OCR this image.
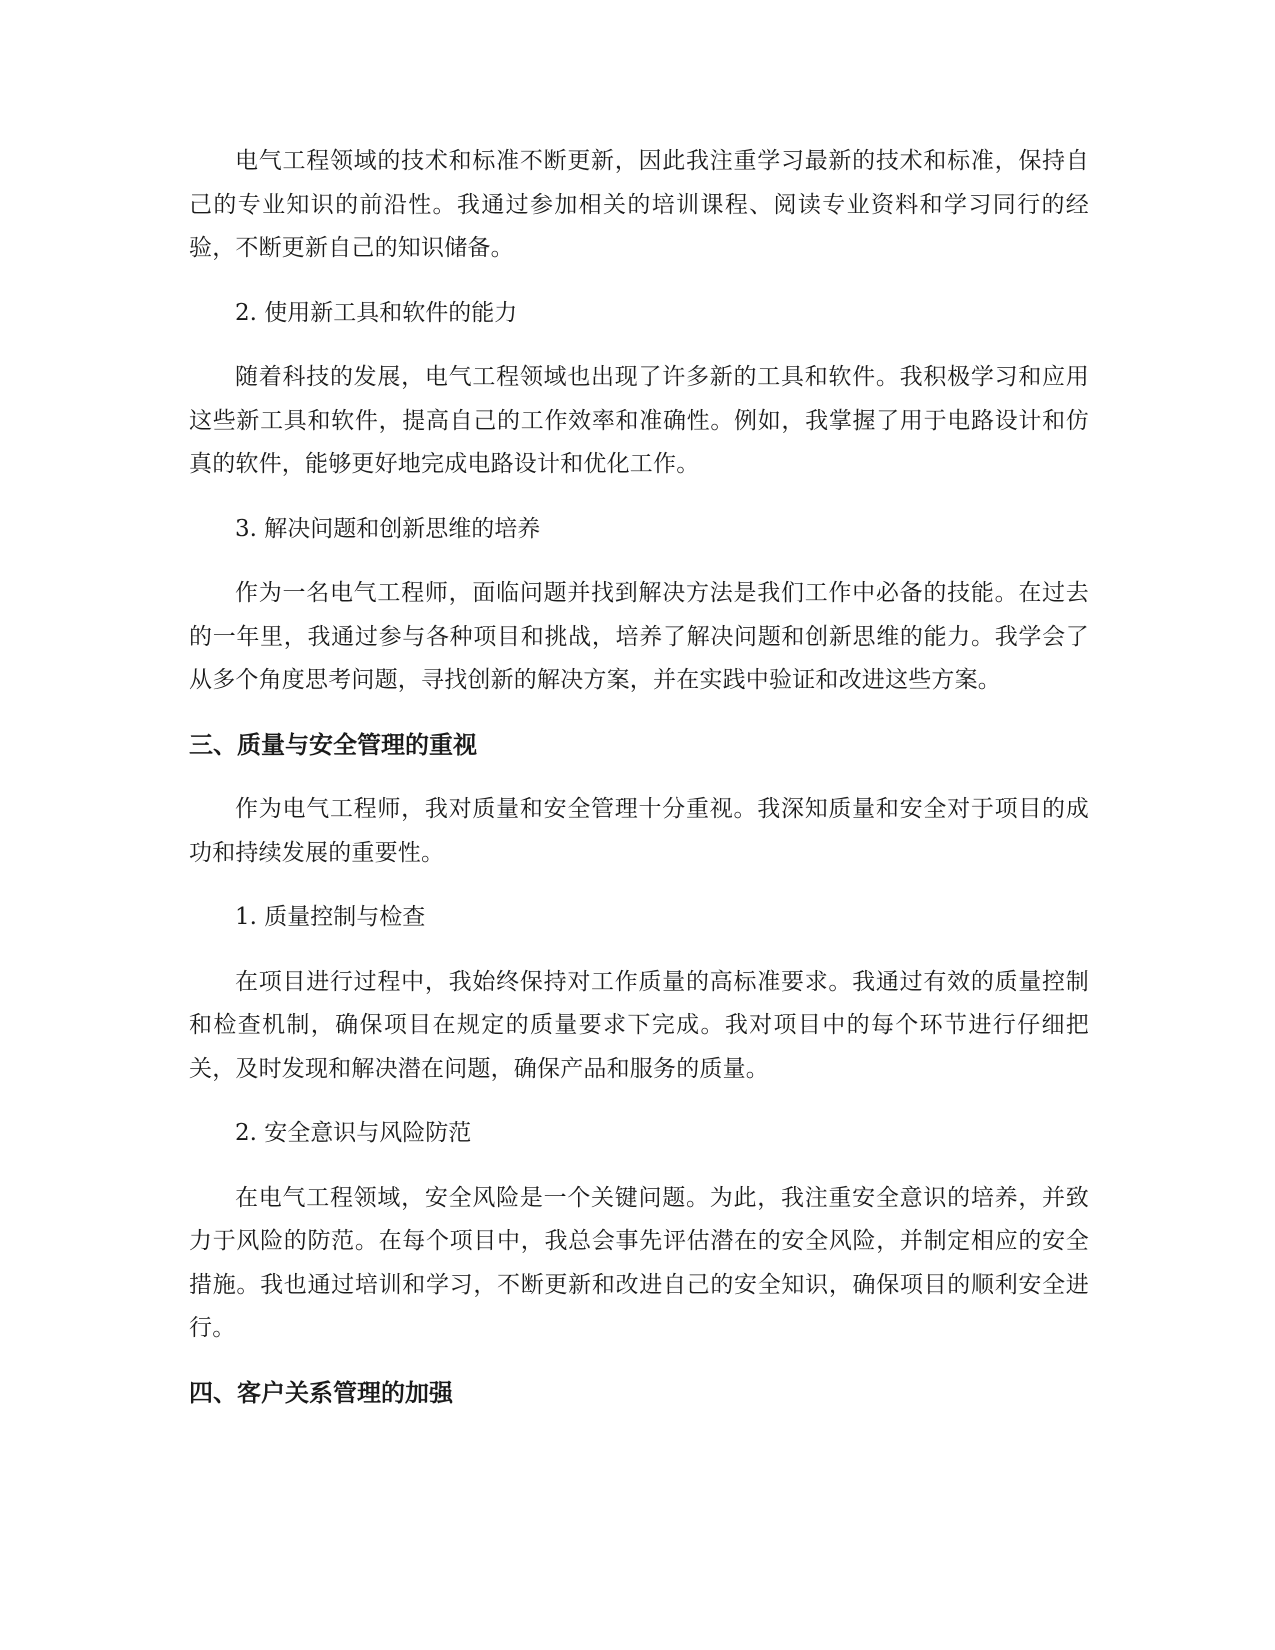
电气工程领域的技术和标准不断更新，因此我注重学习最新的技术和标准，保持自己的专业知识的前沿性。我通过参加相关的培训课程、阅读专业资料和学习同行的经验，不断更新自己的知识储备。

2. 使用新工具和软件的能力

随着科技的发展，电气工程领域也出现了许多新的工具和软件。我积极学习和应用这些新工具和软件，提高自己的工作效率和准确性。例如，我掌握了用于电路设计和仿真的软件，能够更好地完成电路设计和优化工作。

3. 解决问题和创新思维的培养

作为一名电气工程师，面临问题并找到解决方法是我们工作中必备的技能。在过去的一年里，我通过参与各种项目和挑战，培养了解决问题和创新思维的能力。我学会了从多个角度思考问题，寻找创新的解决方案，并在实践中验证和改进这些方案。

三、质量与安全管理的重视

作为电气工程师，我对质量和安全管理十分重视。我深知质量和安全对于项目的成功和持续发展的重要性。

1. 质量控制与检查

在项目进行过程中，我始终保持对工作质量的高标准要求。我通过有效的质量控制和检查机制，确保项目在规定的质量要求下完成。我对项目中的每个环节进行仔细把关，及时发现和解决潜在问题，确保产品和服务的质量。

2. 安全意识与风险防范

在电气工程领域，安全风险是一个关键问题。为此，我注重安全意识的培养，并致力于风险的防范。在每个项目中，我总会事先评估潜在的安全风险，并制定相应的安全措施。我也通过培训和学习，不断更新和改进自己的安全知识，确保项目的顺利安全进行。

四、客户关系管理的加强
